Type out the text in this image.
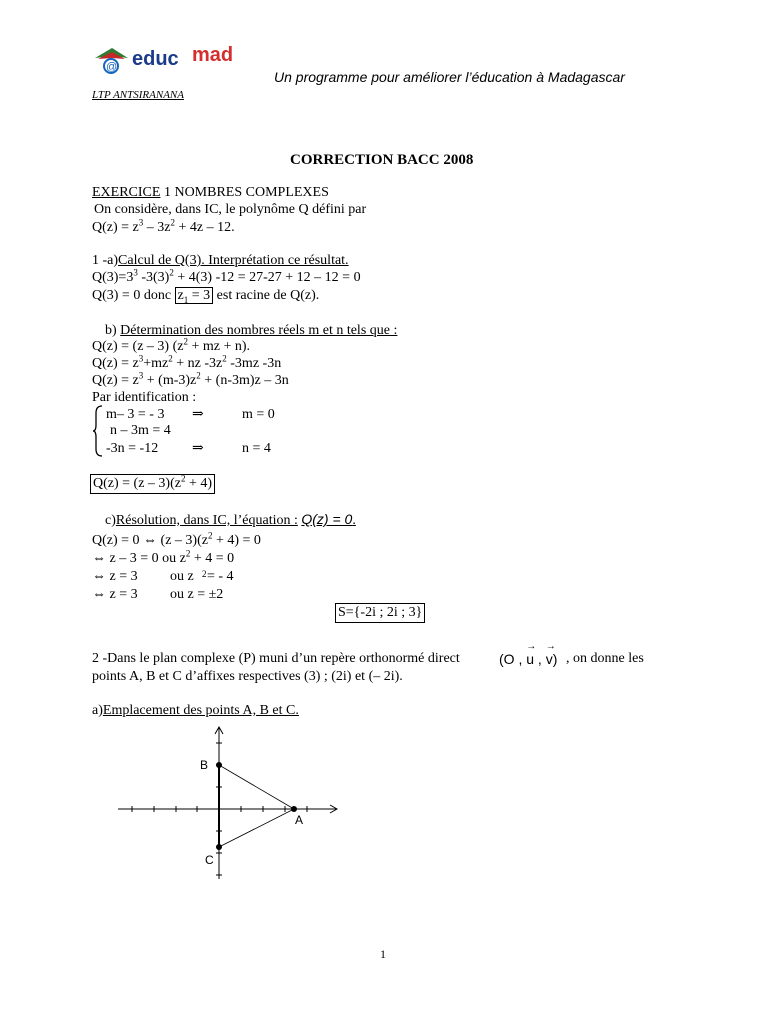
@ educ mad
Un programme pour améliorer l’éducation à Madagascar
LTP ANTSIRANANA
CORRECTION BACC 2008
EXERCICE 1 NOMBRES COMPLEXES
On considère, dans IC, le polynôme Q défini par
$Q(z) = z^3 - 3z^2 + 4z - 12$.
1 -a)Calcul de Q(3). Interprétation ce résultat.
$Q(3)=3^3$ $-3(3)^2 + 4(3) -12 = 27-27 + 12 - 12 = 0$
Q(3) = 0 donc $z_1 = 3$ est racine de Q(z).
b) Détermination des nombres réels m et n tels que :
Q(z) = (z – 3) ($z^2$ + mz + n).
$Q(z) = z^3+mz^2$ + nz $-3z^2$ -3mz -3n
$Q(z) = z^3 + (m-3)z^2 + (n-3m)z - 3n$
Par identification :
m– 3 = - 3 ⇒	m = 0
n – 3m = 4
-3n = -12 ⇒	n = 4
$Q(z) = (z - 3)(z^2 + 4)$
c)Résolution, dans IC, l’équation : Q(z) = 0.
Q(z) = 0 ⇔ $(z - 3)(z^2 + 4) = 0$
⇔ z – 3 = 0 ou $z^2 + 4 = 0$
⇔ z = 3 ou z 2 = - 4
⇔ z = 3 ou z = ±2
S={-2i ; 2i ; 3}
2 -Dans le plan complexe (P) muni d’un repère orthonormé direct	(O , u
→
, v
→
) , on donne les
points A, B et C d’affixes respectives (3) ; (2i) et (– 2i).
a)Emplacement des points A, B et C.
A
B
C
1
